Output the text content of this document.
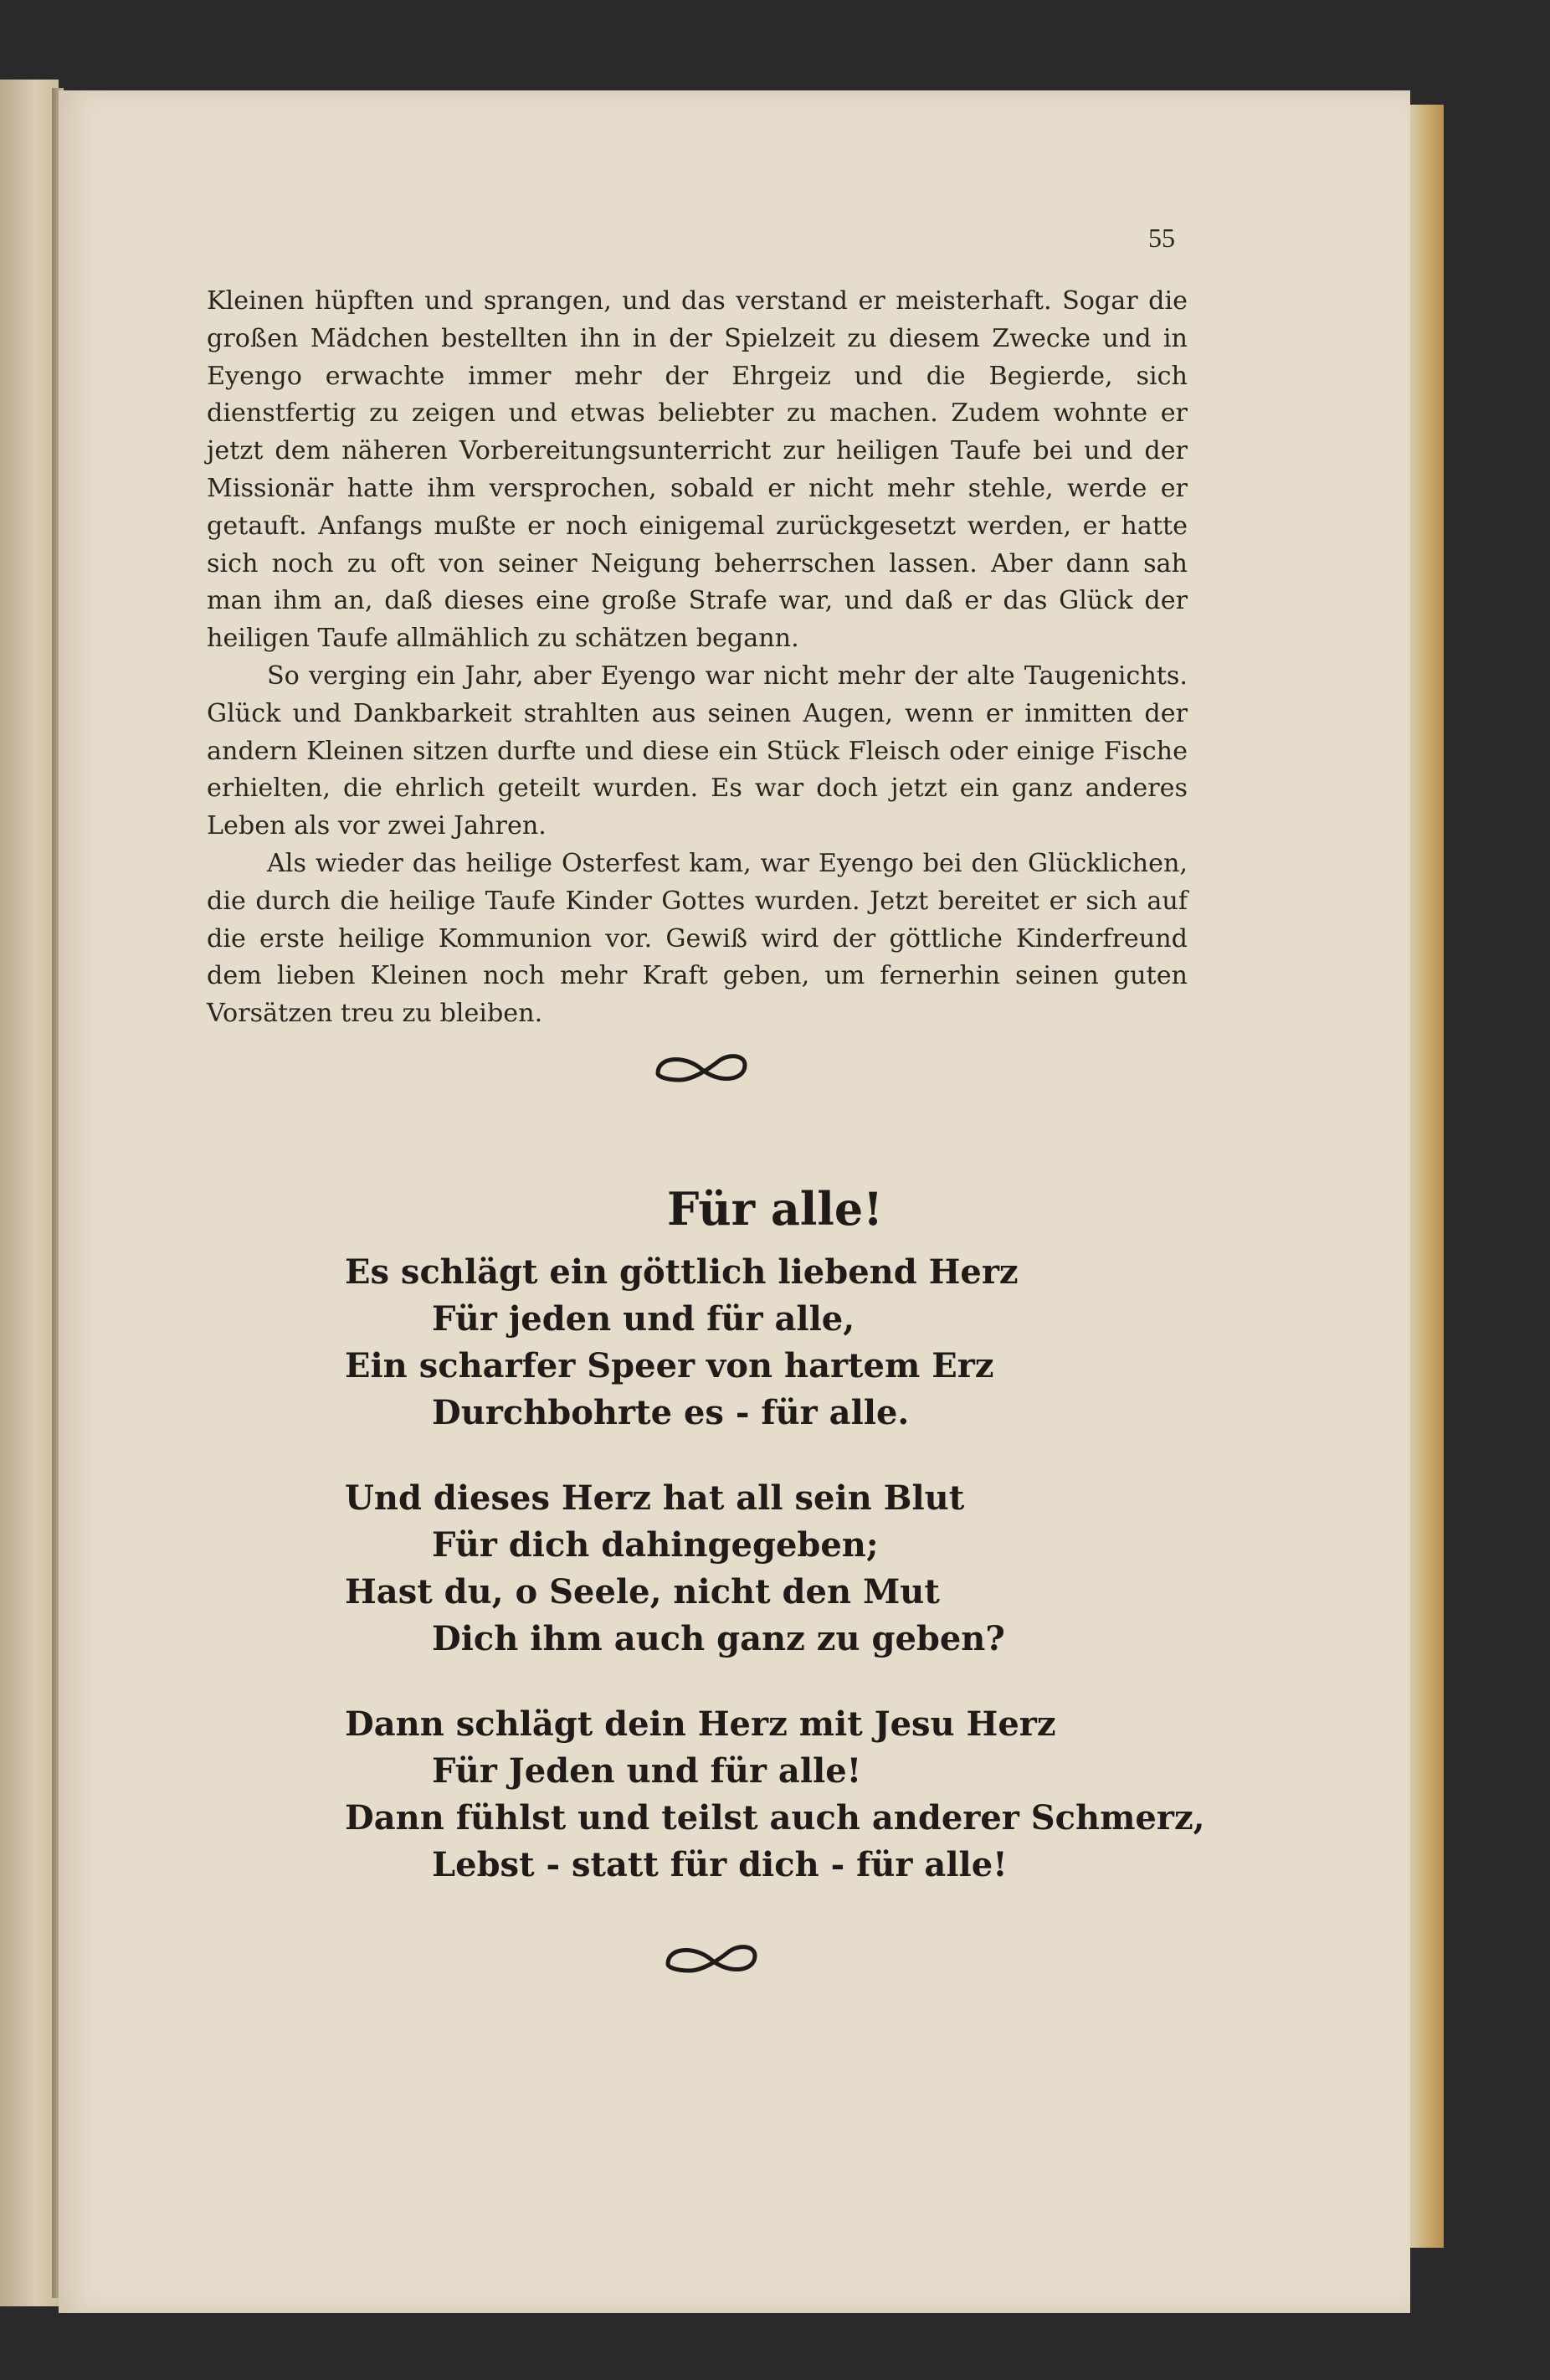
55

Kleinen hüpften und sprangen, und das verstand er meisterhaft. Sogar die großen Mädchen bestellten ihn in der Spielzeit zu diesem Zwecke und in Eyengo erwachte immer mehr der Ehrgeiz und die Begierde, sich dienstfertig zu zeigen und etwas beliebter zu machen. Zudem wohnte er jetzt dem näheren Vorbereitungsunterricht zur heiligen Taufe bei und der Missionär hatte ihm versprochen, sobald er nicht mehr stehle, werde er getauft. Anfangs mußte er noch einigemal zurückgesetzt werden, er hatte sich noch zu oft von seiner Neigung beherrschen lassen. Aber dann sah man ihm an, daß dieses eine große Strafe war, und daß er das Glück der heiligen Taufe allmählich zu schätzen begann.

So verging ein Jahr, aber Eyengo war nicht mehr der alte Taugenichts. Glück und Dankbarkeit strahlten aus seinen Augen, wenn er inmitten der andern Kleinen sitzen durfte und diese ein Stück Fleisch oder einige Fische erhielten, die ehrlich geteilt wurden. Es war doch jetzt ein ganz anderes Leben als vor zwei Jahren.

Als wieder das heilige Osterfest kam, war Eyengo bei den Glücklichen, die durch die heilige Taufe Kinder Gottes wurden. Jetzt bereitet er sich auf die erste heilige Kommunion vor. Gewiß wird der göttliche Kinderfreund dem lieben Kleinen noch mehr Kraft geben, um fernerhin seinen guten Vorsätzen treu zu bleiben.

Für alle!
Es schlägt ein göttlich liebend Herz
Für jeden und für alle,
Ein scharfer Speer von hartem Erz
Durchbohrte es - für alle.
Und dieses Herz hat all sein Blut
Für dich dahingegeben;
Hast du, o Seele, nicht den Mut
Dich ihm auch ganz zu geben?
Dann schlägt dein Herz mit Jesu Herz
Für Jeden und für alle!
Dann fühlst und teilst auch anderer Schmerz,
Lebst - statt für dich - für alle!
